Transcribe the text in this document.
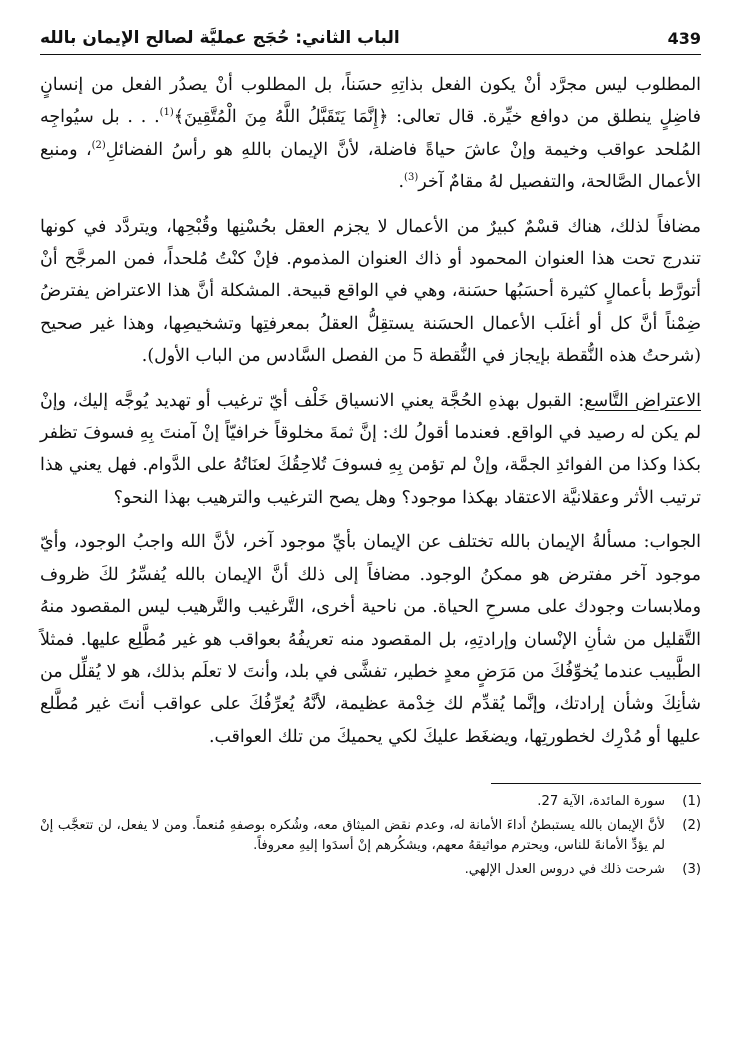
الباب الثاني: حُجَج عمليَّة لصالح الإيمان بالله	439

المطلوب ليس مجرَّد أنْ يكون الفعل بذاتِهِ حسَناً، بل المطلوب أنْ يصدُر الفعل من إنسانٍ فاضِلٍ ينطلق من دوافع خيِّرة. قال تعالى: ﴿إِنَّمَا يَتَقَبَّلُ اللَّهُ مِنَ الْمُتَّقِينَ﴾$^{(1)}$. . . بل سيُواجِه المُلحد عواقب وخيمة وإنْ عاشَ حياةً فاضلة، لأنَّ الإيمان باللهِ هو رأسُ الفضائلِ$^{(2)}$، ومنبع الأعمال الصَّالحة، والتفصيل لهُ مقامٌ آخر$^{(3)}$.

مضافاً لذلك، هناك قسْمٌ كبيرٌ من الأعمال لا يجزم العقل بحُسْنِها وقُبْحِها، ويتردَّد في كونها تندرج تحت هذا العنوان المحمود أو ذاك العنوان المذموم. فإنْ كنْتُ مُلحداً، فمن المرجَّح أنْ أتورَّط بأعمالٍ كثيرة أحسَبُها حسَنة، وهي في الواقع قبيحة. المشكلة أنَّ هذا الاعتراض يفترضُ ضِمْناً أنَّ كل أو أغلَب الأعمال الحسَنة يستقِلُّ العقلُ بمعرفتِها وتشخيصِها، وهذا غير صحيح (شرحتُ هذه النُّقطة بإيجاز في النُّقطة 5 من الفصل السَّادس من الباب الأول).

الاعتراض التَّاسع: القبول بهذهِ الحُجَّة يعني الانسياق خَلْف أيّ ترغيب أو تهديد يُوجَّه إليك، وإنْ لم يكن له رصيد في الواقع. فعندما أقولُ لك: إنَّ ثمةَ مخلوقاً خرافيّاً إنْ آمنتَ بِهِ فسوفَ تظفر بكذا وكذا من الفوائدِ الجمَّة، وإنْ لم تؤمن بِهِ فسوفَ تُلاحِقُكَ لعنَاتُهُ على الدَّوام. فهل يعني هذا ترتيب الأثر وعقلانيَّة الاعتقاد بهكذا موجود؟ وهل يصح الترغيب والترهيب بهذا النحو؟

الجواب: مسألةُ الإيمان بالله تختلف عن الإيمان بأيِّ موجود آخر، لأنَّ الله واجبُ الوجود، وأيّ موجود آخر مفترض هو ممكنُ الوجود. مضافاً إلى ذلك أنَّ الإيمان بالله يُفسِّرُ لكَ ظروف وملابسات وجودك على مسرحِ الحياة. من ناحية أخرى، التَّرغيب والتَّرهيب ليس المقصود منهُ التَّقليل من شأنِ الإنْسان وإرادتِهِ، بل المقصود منه تعريفُهُ بعواقب هو غير مُطَّلِع عليها. فمثلاً الطَّبيب عندما يُخوِّفُكَ من مَرَضٍ معدٍ خطير، تفشَّى في بلد، وأنتَ لا تعلَم بذلك، هو لا يُقلِّل من شأنِكَ وشأن إرادتك، وإنَّما يُقدِّم لك خِدْمة عظيمة، لأنَّهُ يُعرِّفُكَ على عواقب أنتَ غير مُطَّلع عليها أو مُدْرِك لخطورتِها، ويضغَط عليكَ لكي يحميكَ من تلك العواقب.

(1)
سورة المائدة، الآية 27.
(2)
لأنَّ الإيمان بالله يستبطنُ أداءَ الأمانة له، وعدم نقض الميثاق معه، وشُكره بوصفهِ مُنعماً. ومن لا يفعل، لن تتعجَّب إنْ لم يؤدِّ الأمانةَ للناس، ويحترم مواثيقهُ معهم، ويشكُرهم إنْ أسدَوا إليهِ معروفاً.
(3)
شرحت ذلك في دروس العدل الإلهي.
